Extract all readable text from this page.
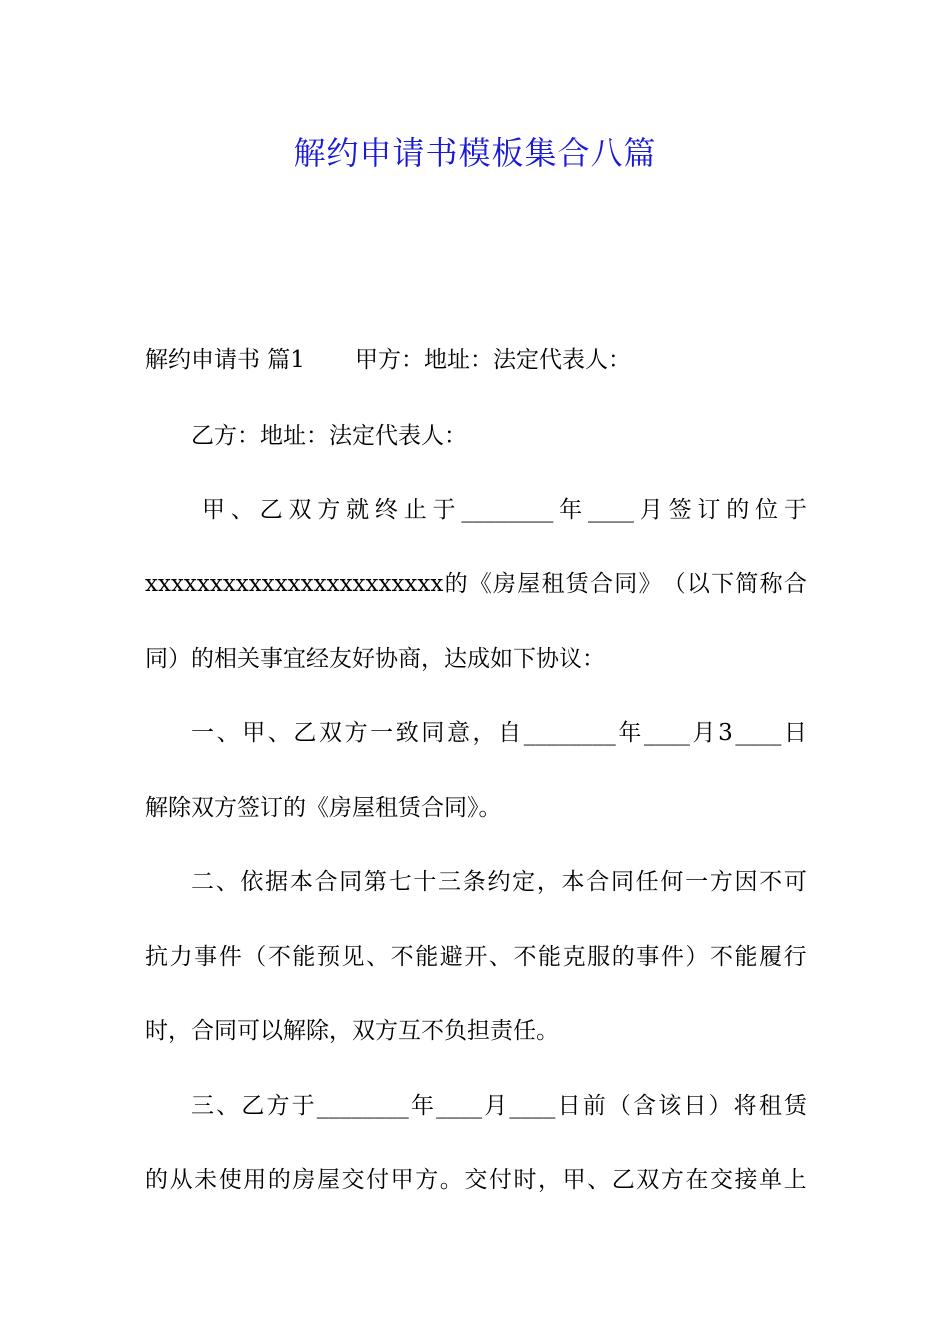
解约申请书模板集合八篇
解约申请书 篇1 甲方：地址：法定代表人：
乙方：地址：法定代表人：
甲 、 乙 双 方 就 终 止 于 ________ 年 ____ 月 签 订 的 位 于
xxxxxxxxxxxxxxxxxxxxxxx 的 《 房 屋 租 赁 合 同 》 （ 以 下 简 称 合
同）的相关事宜经友好协商，达成如下协议：
一 、 甲 、 乙 双 方 一 致 同 意 ， 自 ________ 年 ____ 月 3 ____ 日
解除双方签订的《房屋租赁合同》。
二 、 依 据 本 合 同 第 七 十 三 条 约 定 ， 本 合 同 任 何 一 方 因 不 可
抗 力 事 件 （ 不 能 预 见 、 不 能 避 开 、 不 能 克 服 的 事 件 ） 不 能 履 行
时，合同可以解除，双方互不负担责任。
三 、 乙 方 于 ________ 年 ____ 月 ____ 日 前 （ 含 该 日 ） 将 租 赁
的 从 未 使 用 的 房 屋 交 付 甲 方 。 交 付 时 ， 甲 、 乙 双 方 在 交 接 单 上
